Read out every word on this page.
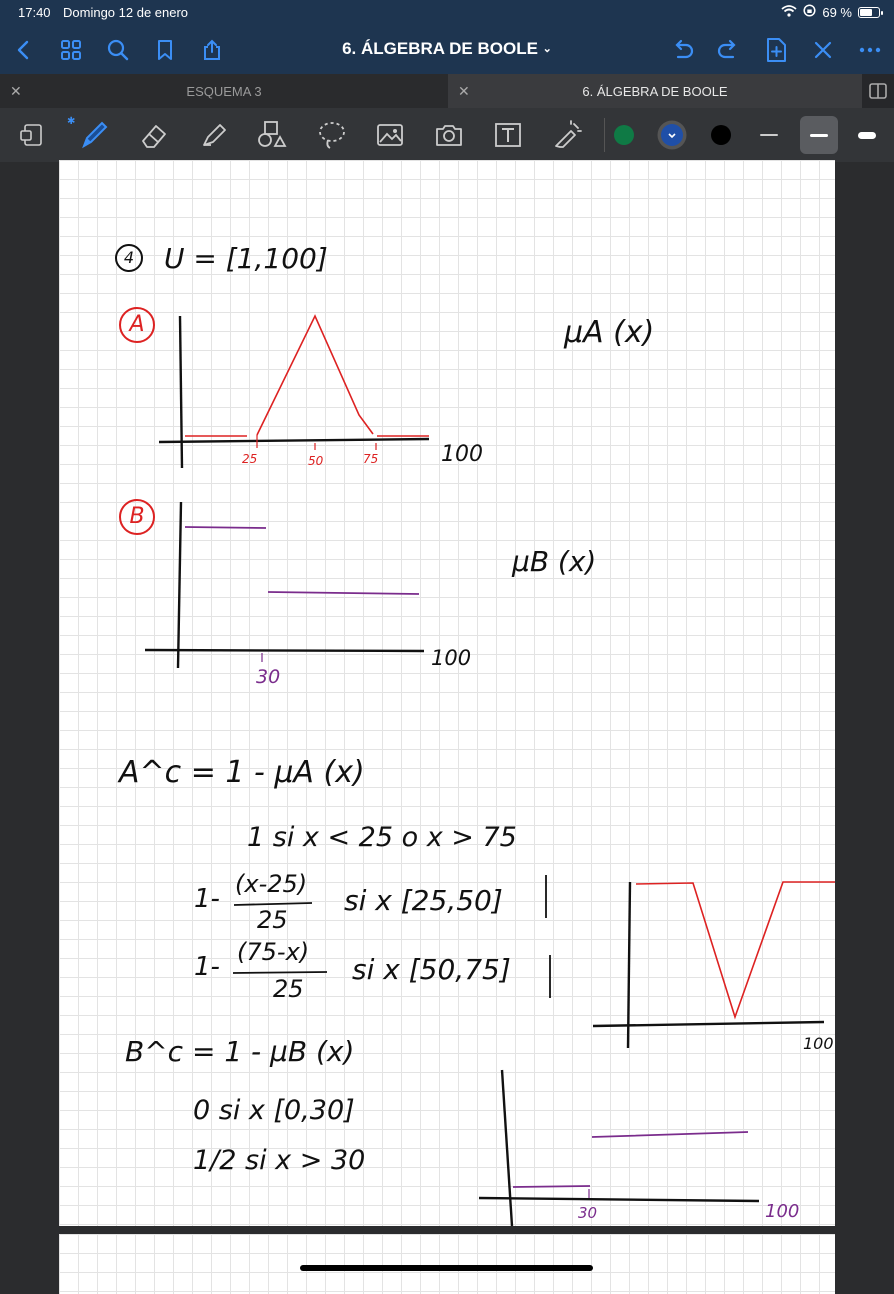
17:40 Domingo 12 de enero	69 %
6. ÁLGEBRA DE BOOLE ⌄
✕	ESQUEMA 3	✕	6. ÁLGEBRA DE BOOLE
✱
4	U = [1,100]
A	μA (x)
25	50	75	100
B
μB (x)
30
100
A^c = 1 - μA (x)
1 si x < 25 o x > 75
1- (x-25)
25
si x [25,50]
1- (75-x)
25
si x [50,75]
100
B^c = 1 - μB (x)
0 si x [0,30]
1/2 si x > 30
30	100
